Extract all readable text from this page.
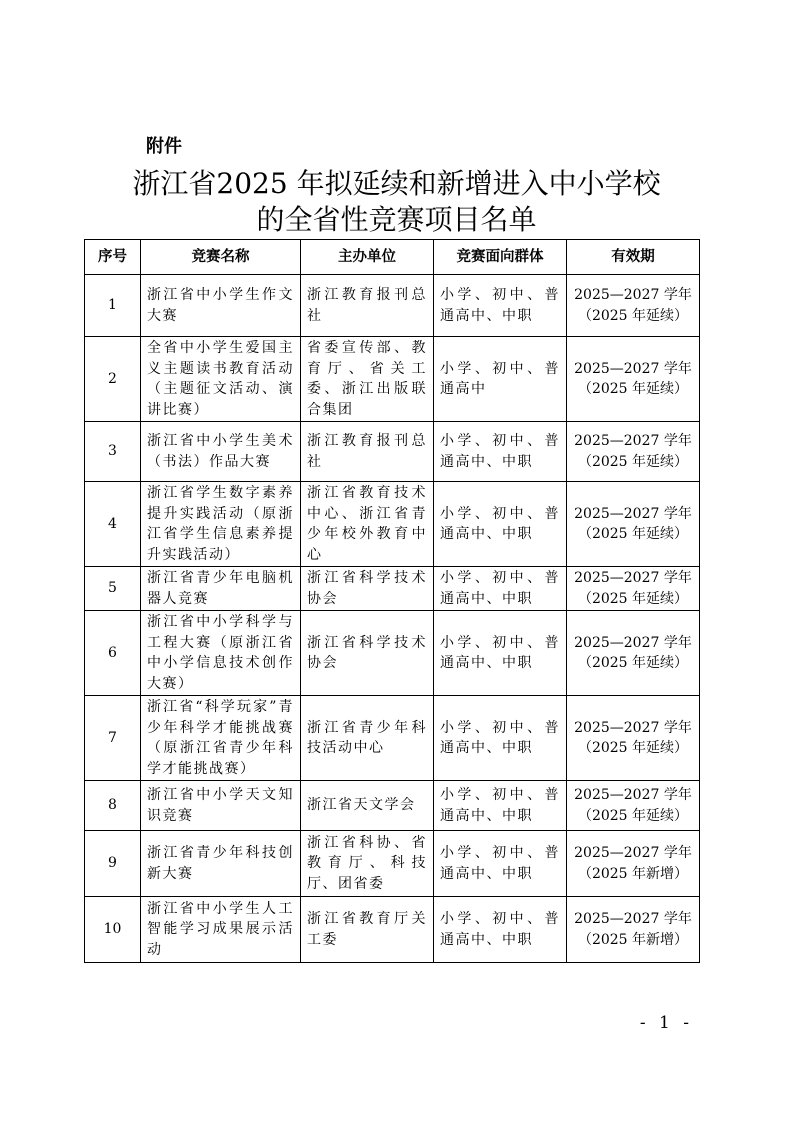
附件
浙江省2025 年拟延续和新增进入中小学校
的全省性竞赛项目名单
序号	竞赛名称	主办单位	竞赛面向群体	有效期
1	浙江省中小学生作文大赛	浙江教育报刊总社	小学、初中、普通高中、中职	2025—2027 学年
（2025 年延续）

2	全省中小学生爱国主义主题读书教育活动（主题征文活动、演讲比赛）	省委宣传部、教育厅、省关工委、浙江出版联合集团	小学、初中、普通高中	2025—2027 学年
（2025 年延续）

3	浙江省中小学生美术（书法）作品大赛	浙江教育报刊总社	小学、初中、普通高中、中职	2025—2027 学年
（2025 年延续）

4	浙江省学生数字素养提升实践活动（原浙江省学生信息素养提升实践活动）	浙江省教育技术中心、浙江省青少年校外教育中心	小学、初中、普通高中、中职	2025—2027 学年
（2025 年延续）

5	浙江省青少年电脑机器人竞赛	浙江省科学技术协会	小学、初中、普通高中、中职	2025—2027 学年
（2025 年延续）

6	浙江省中小学科学与工程大赛（原浙江省中小学信息技术创作大赛）	浙江省科学技术协会	小学、初中、普通高中、中职	2025—2027 学年
（2025 年延续）

7	浙江省“科学玩家”青少年科学才能挑战赛（原浙江省青少年科学才能挑战赛）	浙江省青少年科技活动中心	小学、初中、普通高中、中职	2025—2027 学年
（2025 年延续）

8	浙江省中小学天文知识竞赛	浙江省天文学会	小学、初中、普通高中、中职	2025—2027 学年
（2025 年延续）

9	浙江省青少年科技创新大赛	浙江省科协、省教育厅、科技厅、团省委	小学、初中、普通高中、中职	2025—2027 学年
（2025 年新增）

10	浙江省中小学生人工智能学习成果展示活动	浙江省教育厅关工委	小学、初中、普通高中、中职	2025—2027 学年
（2025 年新增）
- 1 -
